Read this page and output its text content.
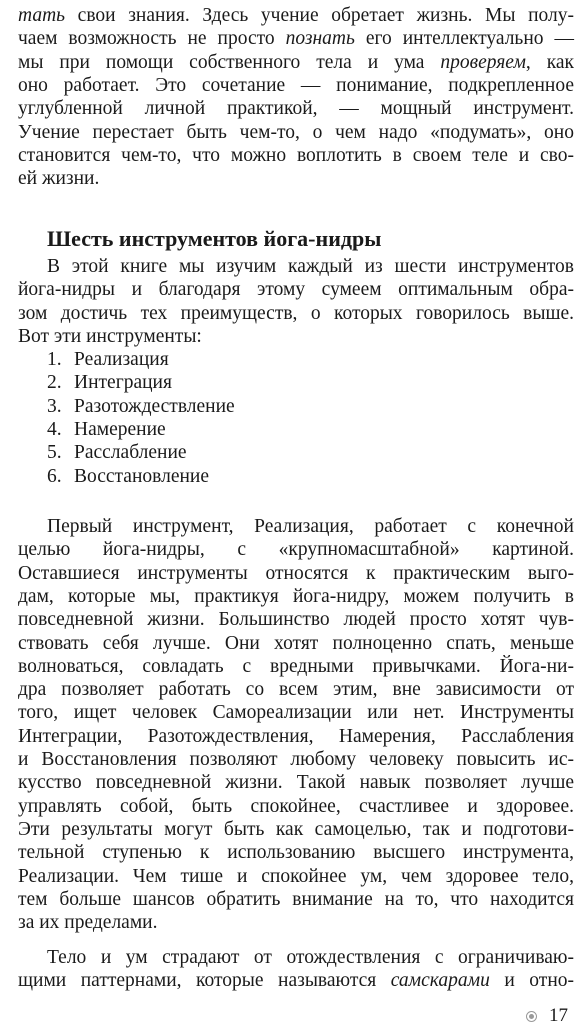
тать свои знания. Здесь учение обретает жизнь. Мы полу-
чаем возможность не просто познать его интеллектуально —
мы при помощи собственного тела и ума проверяем, как
оно работает. Это сочетание — понимание, подкрепленное
углубленной личной практикой, — мощный инструмент.
Учение перестает быть чем-то, о чем надо «подумать», оно
становится чем-то, что можно воплотить в своем теле и сво-
ей жизни.
Шесть инструментов йога-нидры
В этой книге мы изучим каждый из шести инструментов
йога-нидры и благодаря этому сумеем оптимальным обра-
зом достичь тех преимуществ, о которых говорилось выше.
Вот эти инструменты:
1. Реализация
2. Интеграция
3. Разотождествление
4. Намерение
5. Расслабление
6. Восстановление
Первый инструмент, Реализация, работает с конечной
целью йога-нидры, с «крупномасштабной» картиной.
Оставшиеся инструменты относятся к практическим выго-
дам, которые мы, практикуя йога-нидру, можем получить в
повседневной жизни. Большинство людей просто хотят чув-
ствовать себя лучше. Они хотят полноценно спать, меньше
волноваться, совладать с вредными привычками. Йога-ни-
дра позволяет работать со всем этим, вне зависимости от
того, ищет человек Самореализации или нет. Инструменты
Интеграции, Разотождествления, Намерения, Расслабления
и Восстановления позволяют любому человеку повысить ис-
кусство повседневной жизни. Такой навык позволяет лучше
управлять собой, быть спокойнее, счастливее и здоровее.
Эти результаты могут быть как самоцелью, так и подготови-
тельной ступенью к использованию высшего инструмента,
Реализации. Чем тише и спокойнее ум, чем здоровее тело,
тем больше шансов обратить внимание на то, что находится
за их пределами.
Тело и ум страдают от отождествления с ограничиваю-
щими паттернами, которые называются самскарами и отно-
17
